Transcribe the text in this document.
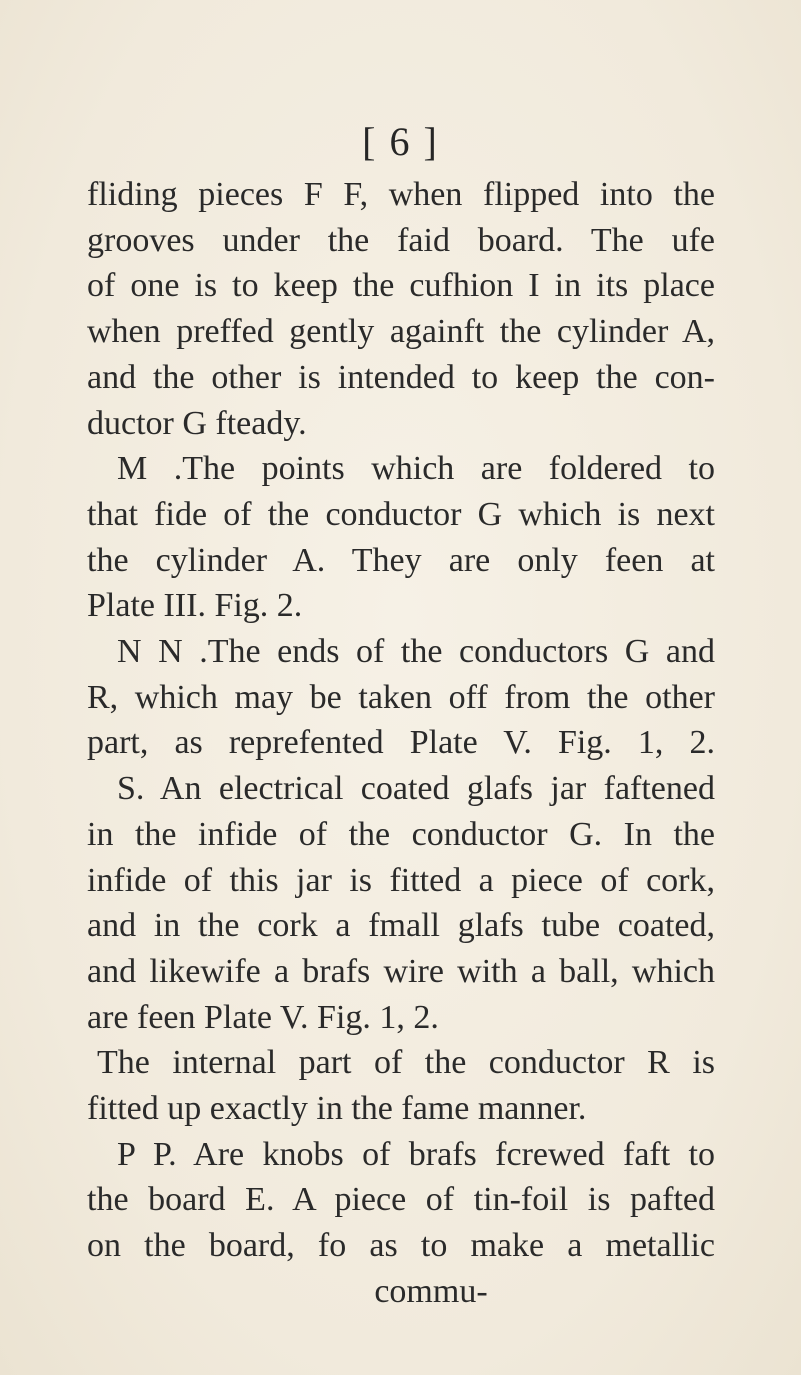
[ 6 ]
fliding pieces F F, when flipped into the
grooves under the faid board. The ufe
of one is to keep the cufhion I in its place
when preffed gently againft the cylinder A,
and the other is intended to keep the con-
ductor G fteady.
M .The points which are foldered to
that fide of the conductor G which is next
the cylinder A. They are only feen at
Plate III. Fig. 2.
N N .The ends of the conductors G and
R, which may be taken off from the other
part, as reprefented Plate V. Fig. 1, 2.
S. An electrical coated glafs jar faftened
in the infide of the conductor G. In the
infide of this jar is fitted a piece of cork,
and in the cork a fmall glafs tube coated,
and likewife a brafs wire with a ball, which
are feen Plate V. Fig. 1, 2.
The internal part of the conductor R is
fitted up exactly in the fame manner.
P P. Are knobs of brafs fcrewed faft to
the board E. A piece of tin-foil is pafted
on the board, fo as to make a metallic
commu-
